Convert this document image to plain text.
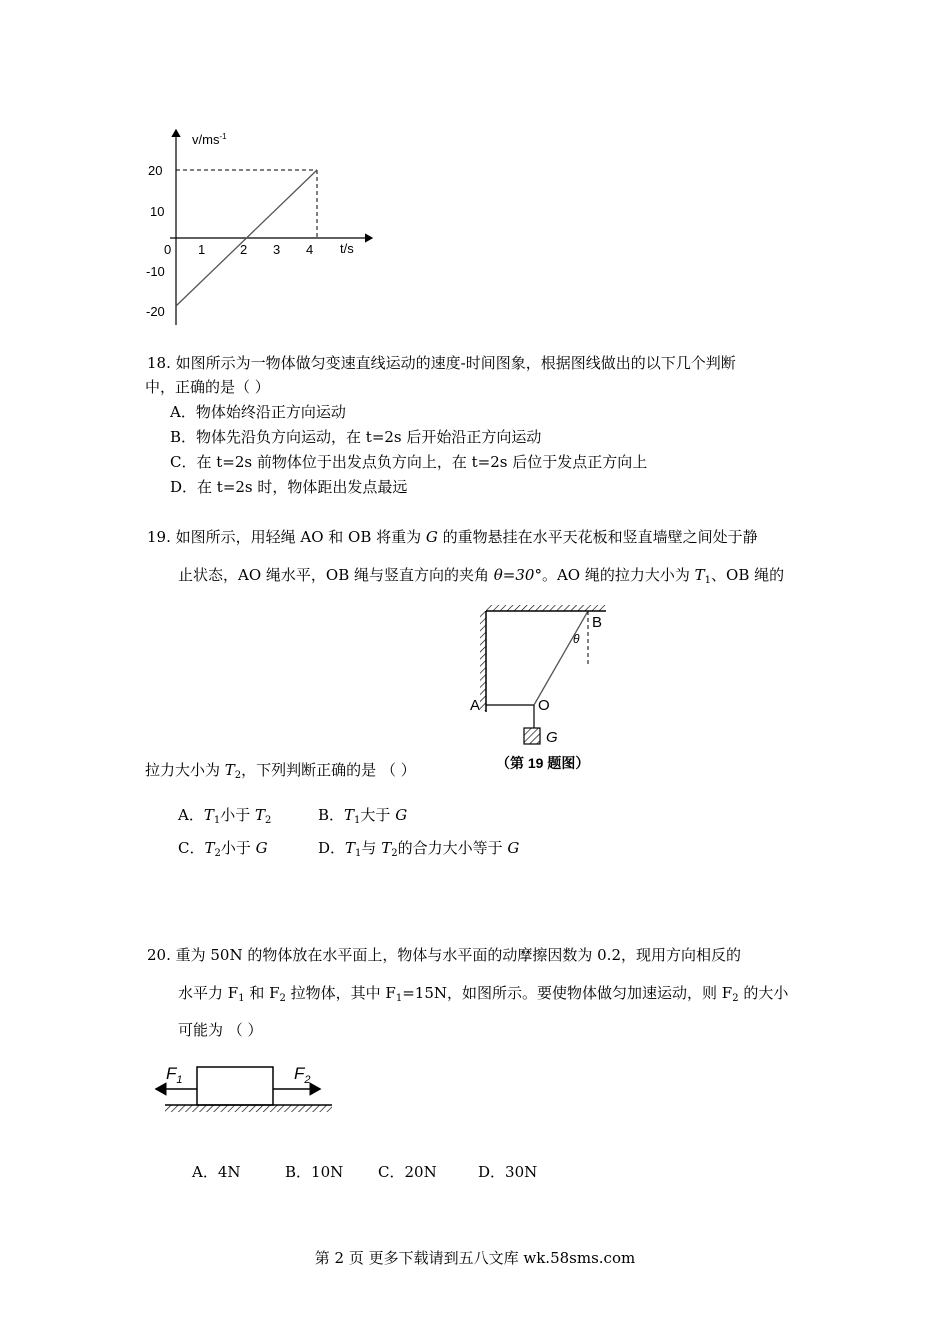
$v/ms^{-1}$
t/s
20
10
-10
-20
0 1	2 3 4
18. 如图所示为一物体做匀变速直线运动的速度-时间图象，根据图线做出的以下几个判断
中，正确的是（ ）
A．物体始终沿正方向运动
B．物体先沿负方向运动，在 t=2s 后开始沿正方向运动
C．在 t=2s 前物体位于出发点负方向上，在 t=2s 后位于发点正方向上
D．在 t=2s 时，物体距出发点最远
19. 如图所示，用轻绳 AO 和 OB 将重为 G 的重物悬挂在水平天花板和竖直墙壁之间处于静
止状态，AO 绳水平，OB 绳与竖直方向的夹角 θ=30°。AO 绳的拉力大小为 $T_1$、OB 绳的
A
B
O
G
θ
（第 19 题图）
拉力大小为 $T_2$，下列判断正确的是 （ ）
A．$T_1$小于 $T_2$	B．$T_1$大于 G
C．$T_2$小于 G	D．$T_1$与 $T_2$的合力大小等于 G
20. 重为 50N 的物体放在水平面上，物体与水平面的动摩擦因数为 0.2，现用方向相反的
水平力 $F_1$ 和 $F_2$ 拉物体，其中 $F_1=15N$，如图所示。要使物体做匀加速运动，则 $F_2$ 的大小
可能为 （ ）
$F_1$	$F_2$
A．4N	B．10N C．20N	D．30N
第 2 页 更多下载请到五八文库 wk.58sms.com
